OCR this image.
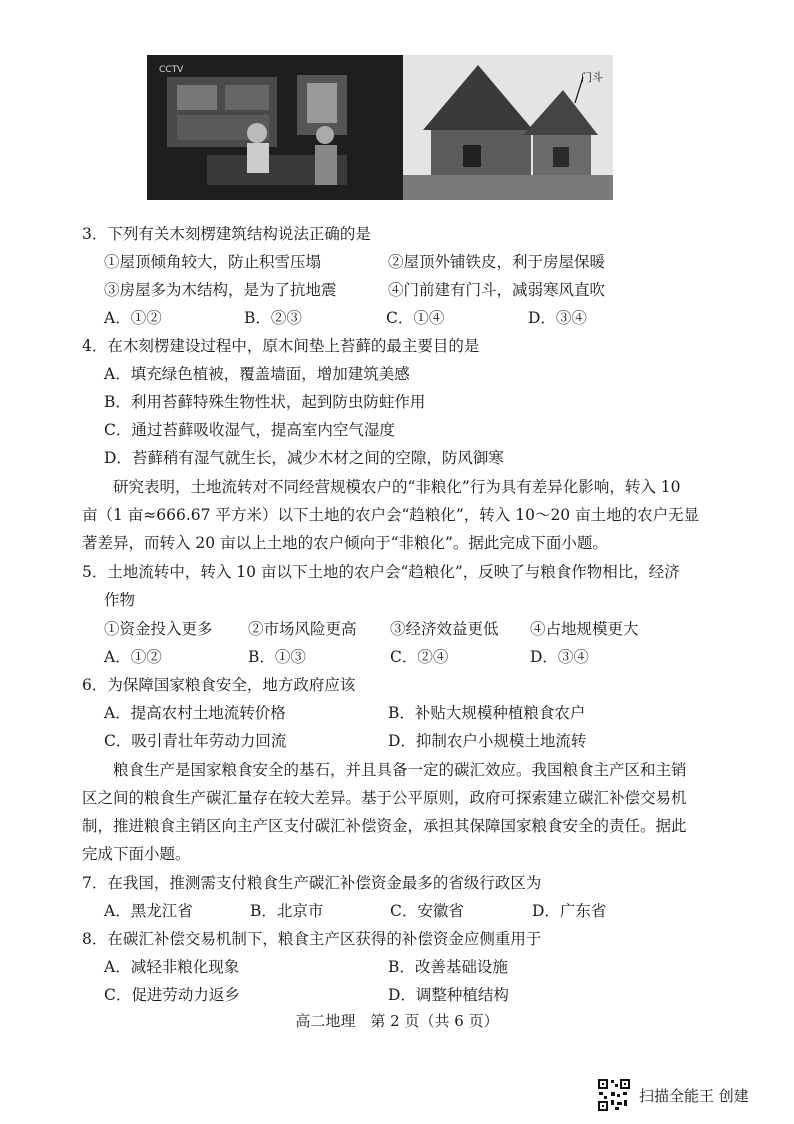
CCTV
门斗
3．下列有关木刻楞建筑结构说法正确的是
①屋顶倾角较大，防止积雪压塌	②屋顶外铺铁皮，利于房屋保暖
③房屋多为木结构，是为了抗地震	④门前建有门斗，减弱寒风直吹
A．①②	B．②③	C．①④	D．③④
4．在木刻楞建设过程中，原木间垫上苔藓的最主要目的是
A．填充绿色植被，覆盖墙面，增加建筑美感
B．利用苔藓特殊生物性状，起到防虫防蛀作用
C．通过苔藓吸收湿气，提高室内空气湿度
D．苔藓稍有湿气就生长，减少木材之间的空隙，防风御寒
　　研究表明，土地流转对不同经营规模农户的“非粮化”行为具有差异化影响，转入 10
亩（1 亩≈666.67 平方米）以下土地的农户会“趋粮化”，转入 10～20 亩土地的农户无显
著差异，而转入 20 亩以上土地的农户倾向于“非粮化”。据此完成下面小题。
5．土地流转中，转入 10 亩以下土地的农户会“趋粮化”，反映了与粮食作物相比，经济
作物
①资金投入更多 ②市场风险更高 ③经济效益更低 ④占地规模更大
A．①②	B．①③	C．②④	D．③④
6．为保障国家粮食安全，地方政府应该
A．提高农村土地流转价格	B．补贴大规模种植粮食农户
C．吸引青壮年劳动力回流	D．抑制农户小规模土地流转
　　粮食生产是国家粮食安全的基石，并且具备一定的碳汇效应。我国粮食主产区和主销
区之间的粮食生产碳汇量存在较大差异。基于公平原则，政府可探索建立碳汇补偿交易机
制，推进粮食主销区向主产区支付碳汇补偿资金，承担其保障国家粮食安全的责任。据此
完成下面小题。
7．在我国，推测需支付粮食生产碳汇补偿资金最多的省级行政区为
A．黑龙江省	B．北京市	C．安徽省	D．广东省
8．在碳汇补偿交易机制下，粮食主产区获得的补偿资金应侧重用于
A．减轻非粮化现象	B．改善基础设施
C．促进劳动力返乡	D．调整种植结构
高二地理　第 2 页（共 6 页）
扫描全能王 创建
